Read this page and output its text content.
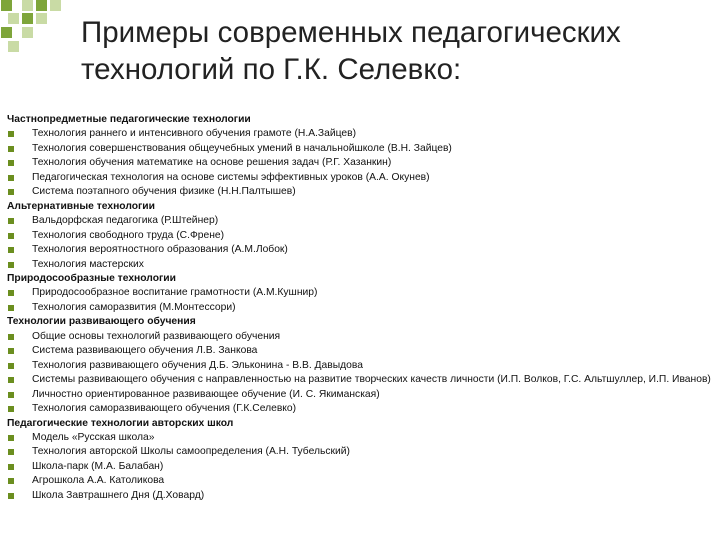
Примеры современных педагогических
технологий по Г.К. Селевко:
Частнопредметные педагогические технологии
Технология раннего и интенсивного обучения грамоте (Н.А.Зайцев)
Технология совершенствования общеучебных умений в начальнойшколе (В.Н. Зайцев)
Технология обучения математике на основе решения задач (Р.Г. Хазанкин)
Педагогическая технология на основе системы эффективных уроков (А.А. Окунев)
Система поэтапного обучения физике (Н.Н.Палтышев)
Альтернативные технологии
Вальдорфская педагогика (Р.Штейнер)
Технология свободного труда (С.Френе)
Технология вероятностного образования (А.М.Лобок)
Технология мастерских
Природосообразные технологии
Природосообразное воспитание грамотности (А.М.Кушнир)
Технология саморазвития (М.Монтессори)
Технологии развивающего обучения
Общие основы технологий развивающего обучения
Система развивающего обучения Л.В. Занкова
Технология развивающего обучения Д.Б. Эльконина - В.В. Давыдова
Системы развивающего обучения с направленностью на развитие творческих качеств личности (И.П. Волков, Г.С. Альтшуллер, И.П. Иванов)
Личностно ориентированное развивающее обучение (И. С. Якиманская)
Технология саморазвивающего обучения (Г.К.Селевко)
Педагогические технологии авторских школ
Модель «Русская школа»
Технология авторской Школы самоопределения (А.Н. Тубельский)
Школа-парк (М.А. Балабан)
Агрошкола А.А. Католикова
Школа Завтрашнего Дня (Д.Ховард)
